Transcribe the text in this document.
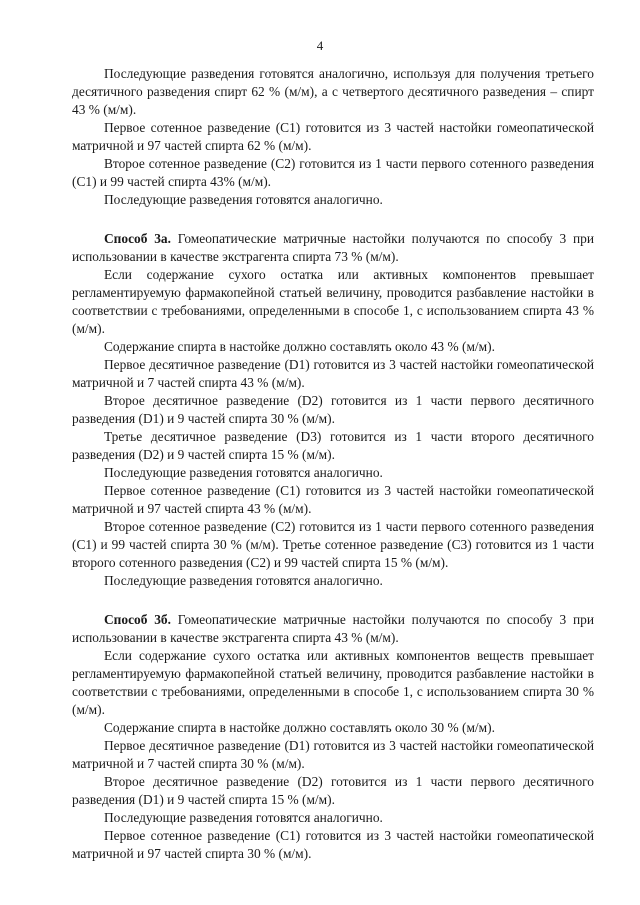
4

Последующие разведения готовятся аналогично, используя для получения третьего десятичного разведения спирт 62 % (м/м), а с четвертого десятичного разведения – спирт 43 % (м/м).

Первое сотенное разведение (С1) готовится из 3 частей настойки гомеопатической матричной и 97 частей спирта 62 % (м/м).

Второе сотенное разведение (С2) готовится из 1 части первого сотенного разведения (С1) и 99 частей спирта 43% (м/м).

Последующие разведения готовятся аналогично.

Способ 3а. Гомеопатические матричные настойки получаются по способу 3 при использовании в качестве экстрагента спирта 73 % (м/м).

Если содержание сухого остатка или активных компонентов превышает регламентируемую фармакопейной статьей величину, проводится разбавление настойки в соответствии с требованиями, определенными в способе 1, с использованием спирта 43 % (м/м).

Содержание спирта в настойке должно составлять около 43 % (м/м).

Первое десятичное разведение (D1) готовится из 3 частей настойки гомеопатической матричной и 7 частей спирта 43 % (м/м).

Второе десятичное разведение (D2) готовится из 1 части первого десятичного разведения (D1) и 9 частей спирта 30 % (м/м).

Третье десятичное разведение (D3) готовится из 1 части второго десятичного разведения (D2) и 9 частей спирта 15 % (м/м).

Последующие разведения готовятся аналогично.

Первое сотенное разведение (С1) готовится из 3 частей настойки гомеопатической матричной и 97 частей спирта 43 % (м/м).

Второе сотенное разведение (С2) готовится из 1 части первого сотенного разведения (С1) и 99 частей спирта 30 % (м/м). Третье сотенное разведение (С3) готовится из 1 части второго сотенного разведения (С2) и 99 частей спирта 15 % (м/м).

Последующие разведения готовятся аналогично.

Способ 3б. Гомеопатические матричные настойки получаются по способу 3 при использовании в качестве экстрагента спирта 43 % (м/м).

Если содержание сухого остатка или активных компонентов веществ превышает регламентируемую фармакопейной статьей величину, проводится разбавление настойки в соответствии с требованиями, определенными в способе 1, с использованием спирта 30 % (м/м).

Содержание спирта в настойке должно составлять около 30 % (м/м).

Первое десятичное разведение (D1) готовится из 3 частей настойки гомеопатической матричной и 7 частей спирта 30 % (м/м).

Второе десятичное разведение (D2) готовится из 1 части первого десятичного разведения (D1) и 9 частей спирта 15 % (м/м).

Последующие разведения готовятся аналогично.

Первое сотенное разведение (С1) готовится из 3 частей настойки гомеопатической матричной и 97 частей спирта 30 % (м/м).
